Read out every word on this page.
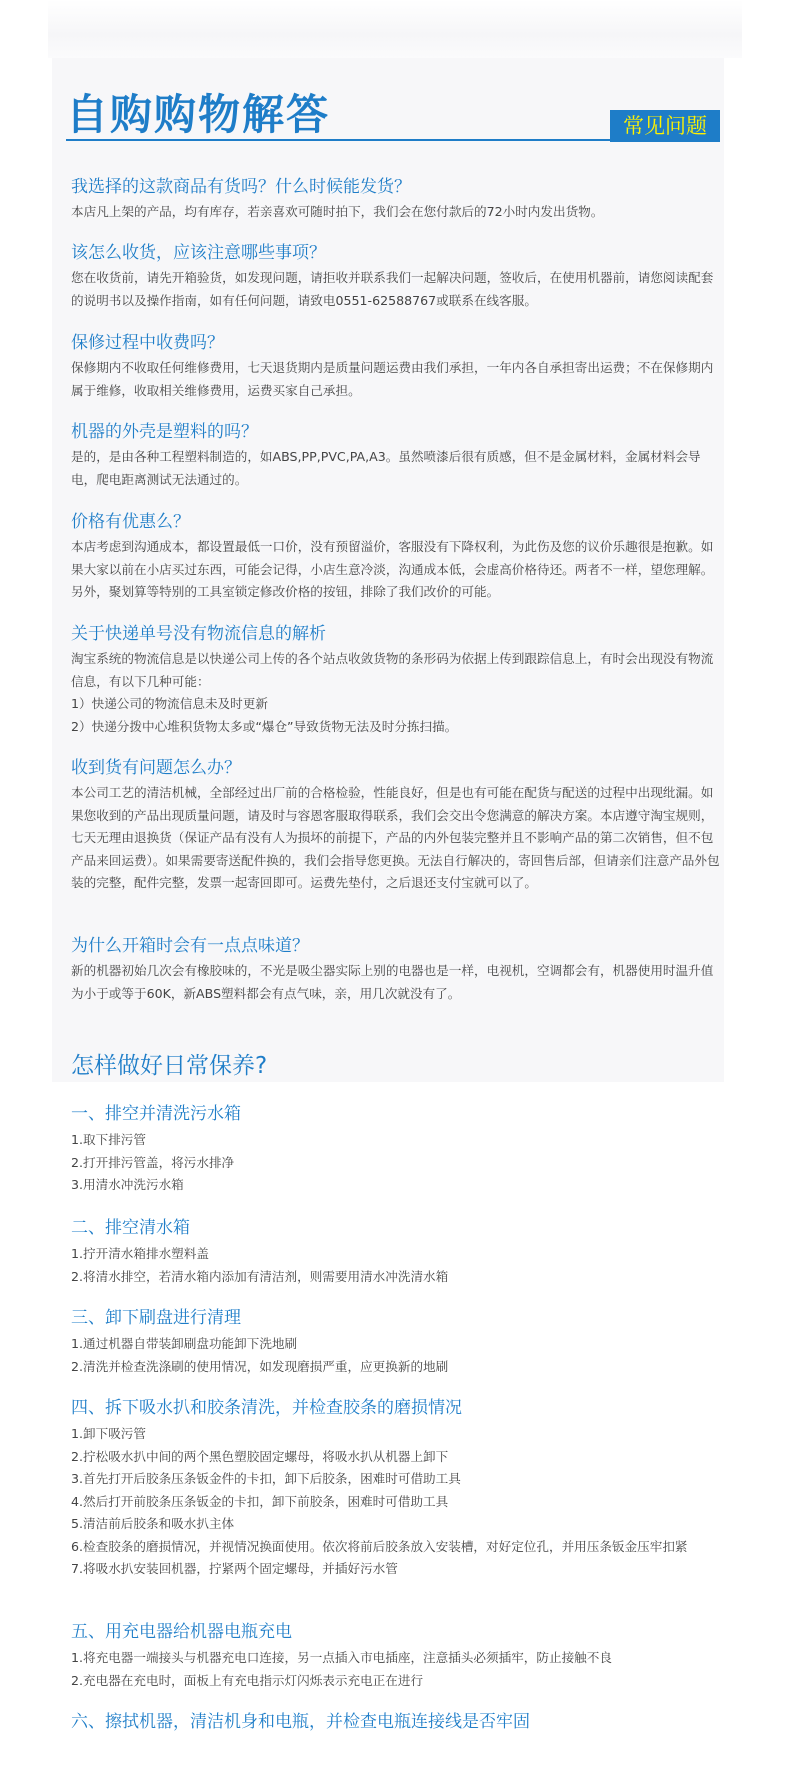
自购购物解答	常见问题
我选择的这款商品有货吗？什么时候能发货？

本店凡上架的产品，均有库存，若亲喜欢可随时拍下，我们会在您付款后的72小时内发出货物。

该怎么收货，应该注意哪些事项？

您在收货前，请先开箱验货，如发现问题，请拒收并联系我们一起解决问题，签收后，在使用机器前，请您阅读配套的说明书以及操作指南，如有任何问题，请致电0551-62588767或联系在线客服。

保修过程中收费吗？

保修期内不收取任何维修费用，七天退货期内是质量问题运费由我们承担，一年内各自承担寄出运费；不在保修期内属于维修，收取相关维修费用，运费买家自己承担。

机器的外壳是塑料的吗？

是的，是由各种工程塑料制造的，如ABS,PP,PVC,PA,A3。虽然喷漆后很有质感，但不是金属材料，金属材料会导电，爬电距离测试无法通过的。

价格有优惠么？

本店考虑到沟通成本，都设置最低一口价，没有预留溢价，客服没有下降权利，为此伤及您的议价乐趣很是抱歉。如果大家以前在小店买过东西，可能会记得，小店生意冷淡，沟通成本低，会虚高价格待还。两者不一样，望您理解。另外，聚划算等特别的工具室锁定修改价格的按钮，排除了我们改价的可能。

关于快递单号没有物流信息的解析

淘宝系统的物流信息是以快递公司上传的各个站点收敛货物的条形码为依据上传到跟踪信息上，有时会出现没有物流信息，有以下几种可能：

1）快递公司的物流信息未及时更新

2）快递分拨中心堆积货物太多或“爆仓”导致货物无法及时分拣扫描。

收到货有问题怎么办？

本公司工艺的清洁机械，全部经过出厂前的合格检验，性能良好，但是也有可能在配货与配送的过程中出现纰漏。如果您收到的产品出现质量问题，请及时与容恩客服取得联系，我们会交出令您满意的解决方案。本店遵守淘宝规则，七天无理由退换货（保证产品有没有人为损坏的前提下，产品的内外包装完整并且不影响产品的第二次销售，但不包产品来回运费）。如果需要寄送配件换的，我们会指导您更换。无法自行解决的，寄回售后部，但请亲们注意产品外包装的完整，配件完整，发票一起寄回即可。运费先垫付，之后退还支付宝就可以了。

为什么开箱时会有一点点味道？

新的机器初始几次会有橡胶味的，不光是吸尘器实际上别的电器也是一样，电视机，空调都会有，机器使用时温升值为小于或等于60K，新ABS塑料都会有点气味，亲，用几次就没有了。

怎样做好日常保养?
一、排空并清洗污水箱

1.取下排污管

2.打开排污管盖，将污水排净

3.用清水冲洗污水箱

二、排空清水箱

1.拧开清水箱排水塑料盖

2.将清水排空，若清水箱内添加有清洁剂，则需要用清水冲洗清水箱

三、卸下刷盘进行清理

1.通过机器自带装卸刷盘功能卸下洗地刷

2.清洗并检查洗涤刷的使用情况，如发现磨损严重，应更换新的地刷

四、拆下吸水扒和胶条清洗，并检查胶条的磨损情况

1.卸下吸污管

2.拧松吸水扒中间的两个黑色塑胶固定螺母，将吸水扒从机器上卸下

3.首先打开后胶条压条钣金件的卡扣，卸下后胶条，困难时可借助工具

4.然后打开前胶条压条钣金的卡扣，卸下前胶条，困难时可借助工具

5.清洁前后胶条和吸水扒主体

6.检查胶条的磨损情况，并视情况换面使用。依次将前后胶条放入安装槽，对好定位孔，并用压条钣金压牢扣紧

7.将吸水扒安装回机器，拧紧两个固定螺母，并插好污水管

五、用充电器给机器电瓶充电

1.将充电器一端接头与机器充电口连接，另一点插入市电插座，注意插头必须插牢，防止接触不良

2.充电器在充电时，面板上有充电指示灯闪烁表示充电正在进行

六、擦拭机器，清洁机身和电瓶，并检查电瓶连接线是否牢固
